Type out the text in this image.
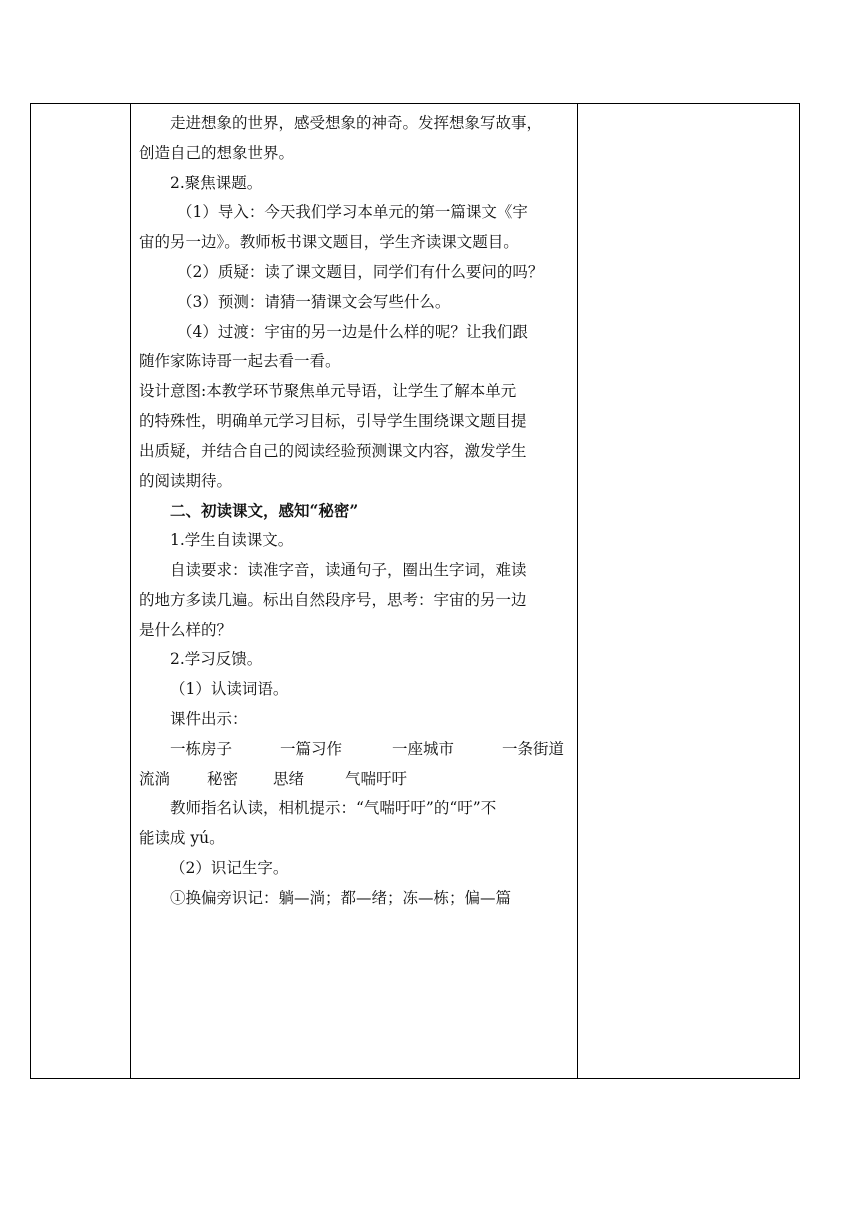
走进想象的世界，感受想象的神奇。发挥想象写故事，

创造自己的想象世界。

2.聚焦课题。

（1）导入：今天我们学习本单元的第一篇课文《宇

宙的另一边》。教师板书课文题目，学生齐读课文题目。

（2）质疑：读了课文题目，同学们有什么要问的吗？

（3）预测：请猜一猜课文会写些什么。

（4）过渡：宇宙的另一边是什么样的呢？让我们跟

随作家陈诗哥一起去看一看。

设计意图:本教学环节聚焦单元导语，让学生了解本单元

的特殊性，明确单元学习目标，引导学生围绕课文题目提

出质疑，并结合自己的阅读经验预测课文内容，激发学生

的阅读期待。

二、初读课文，感知“秘密”

1.学生自读课文。

自读要求：读准字音，读通句子，圈出生字词，难读

的地方多读几遍。标出自然段序号，思考：宇宙的另一边

是什么样的？

2.学习反馈。

（1）认读词语。

课件出示：

一栋房子	一篇习作	一座城市	一条街道

流淌 秘密 思绪	气喘吁吁

教师指名认读，相机提示：“气喘吁吁”的“吁”不

能读成 yú。

（2）识记生字。

①换偏旁识记：躺—淌；都—绪；冻—栋；偏—篇
